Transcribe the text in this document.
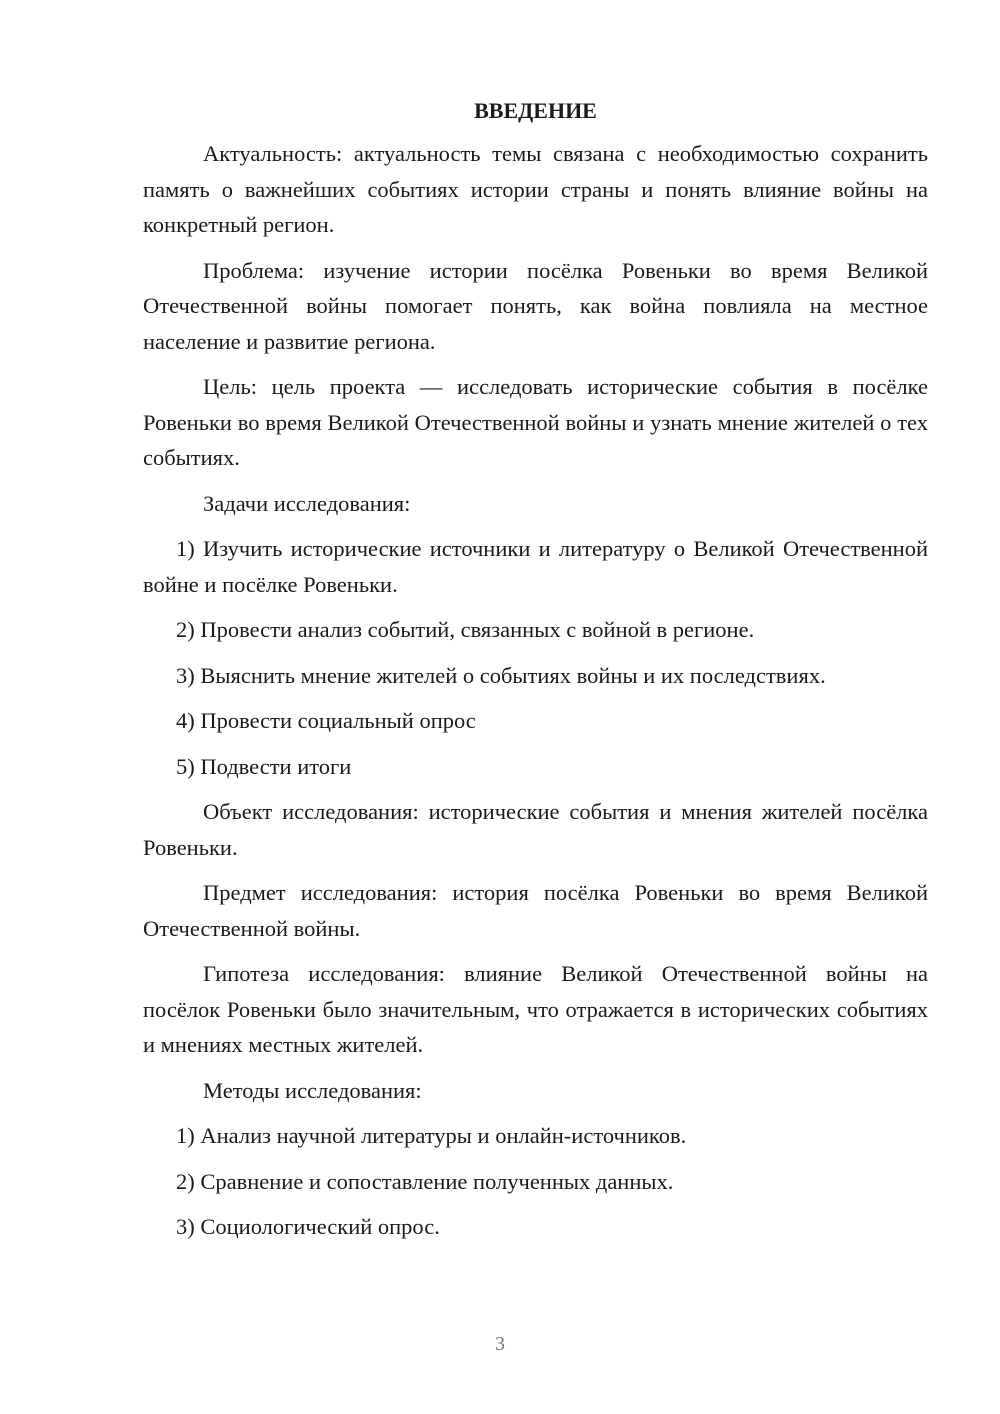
ВВЕДЕНИЕ

Актуальность: актуальность темы связана с необходимостью сохранить память о важнейших событиях истории страны и понять влияние войны на конкретный регион.

Проблема: изучение истории посёлка Ровеньки во время Великой Отечественной войны помогает понять, как война повлияла на местное население и развитие региона.

Цель: цель проекта — исследовать исторические события в посёлке Ровеньки во время Великой Отечественной войны и узнать мнение жителей о тех событиях.

Задачи исследования:

1) Изучить исторические источники и литературу о Великой Отечественной войне и посёлке Ровеньки.

2) Провести анализ событий, связанных с войной в регионе.

3) Выяснить мнение жителей о событиях войны и их последствиях.

4) Провести социальный опрос

5) Подвести итоги

Объект исследования: исторические события и мнения жителей посёлка Ровеньки.

Предмет исследования: история посёлка Ровеньки во время Великой Отечественной войны.

Гипотеза исследования: влияние Великой Отечественной войны на посёлок Ровеньки было значительным, что отражается в исторических событиях и мнениях местных жителей.

Методы исследования:

1) Анализ научной литературы и онлайн-источников.

2) Сравнение и сопоставление полученных данных.

3) Социологический опрос.

3
